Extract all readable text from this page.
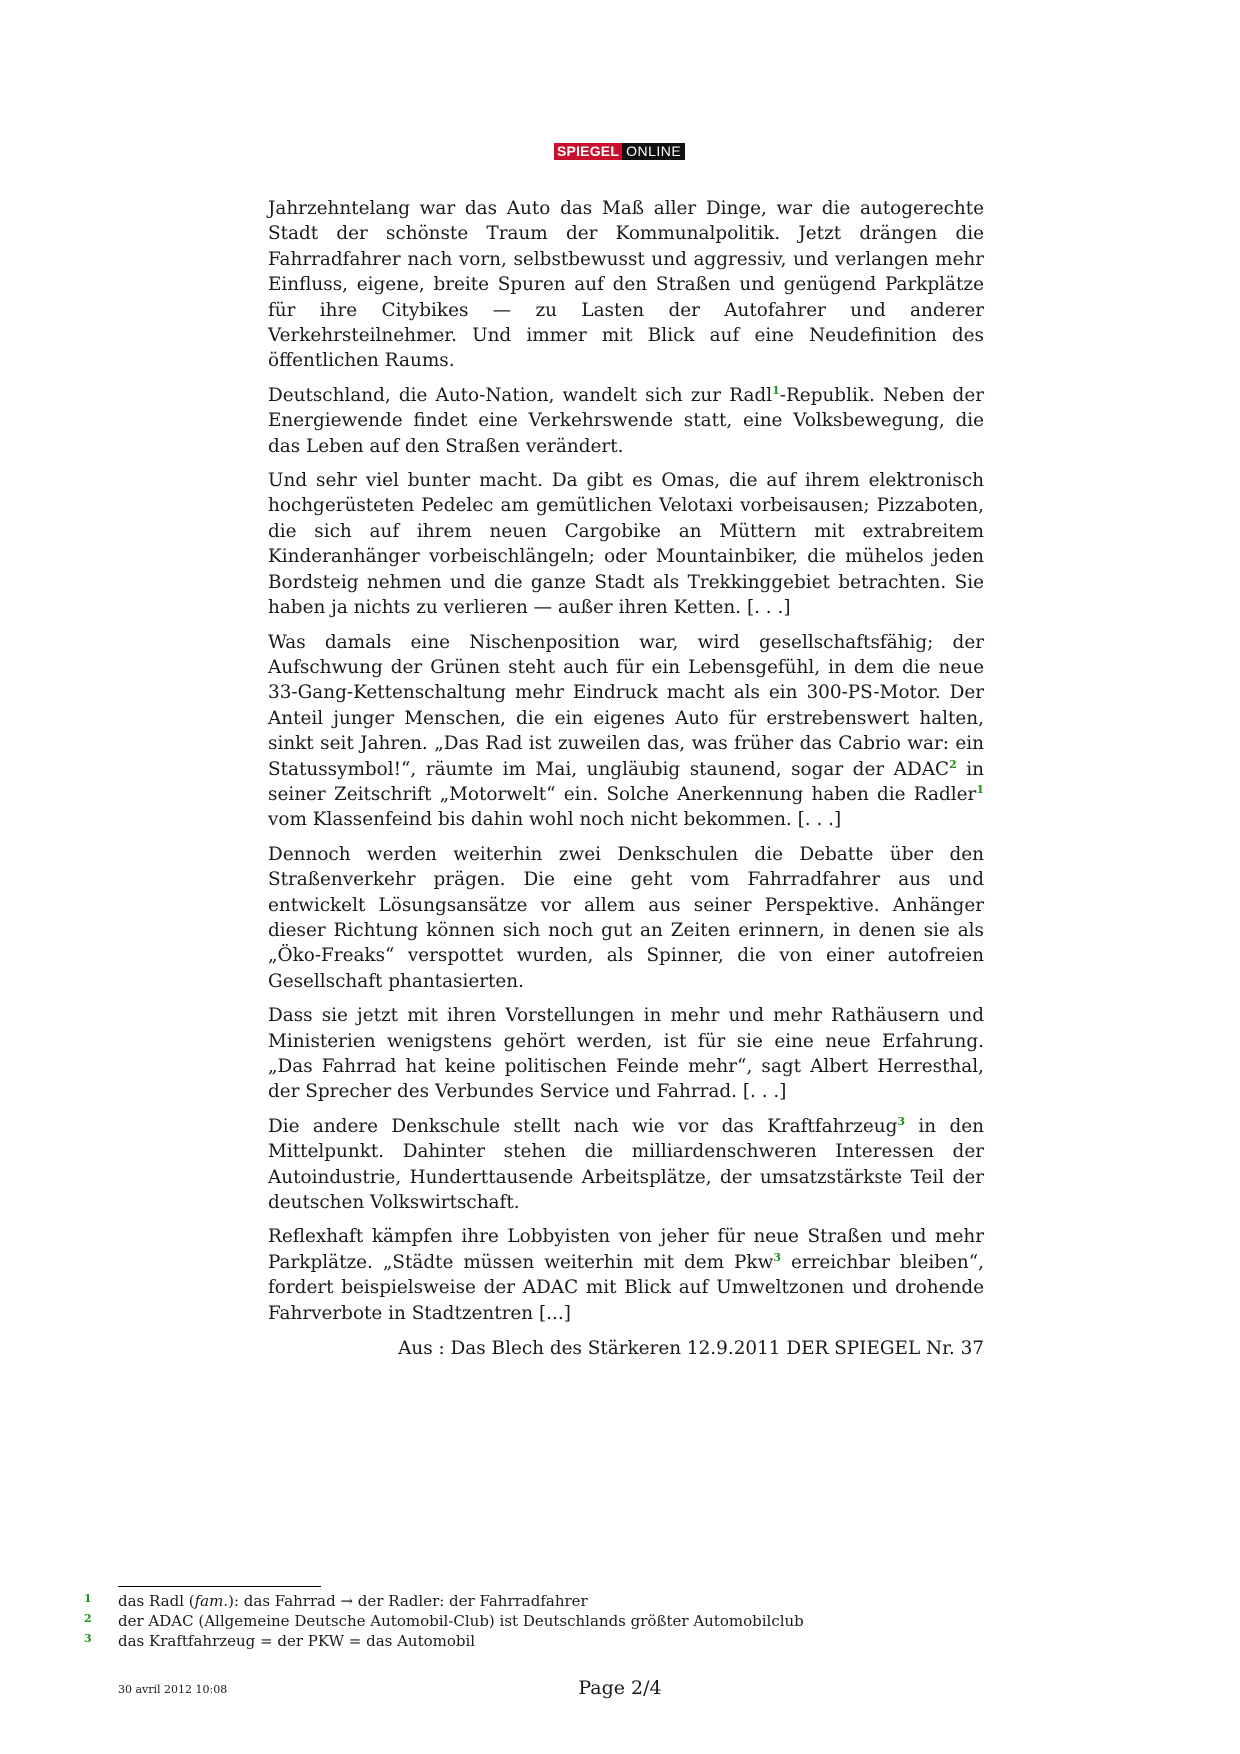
SPIEGEL ONLINE

Jahrzehntelang war das Auto das Maß aller Dinge, war die autogerechte Stadt der schönste Traum der Kommunalpolitik. Jetzt drängen die Fahrradfahrer nach vorn, selbstbewusst und aggressiv, und verlangen mehr Einfluss, eigene, breite Spuren auf den Straßen und genügend Parkplätze für ihre Citybikes — zu Lasten der Autofahrer und anderer Verkehrsteilnehmer. Und immer mit Blick auf eine Neudefinition des öffentlichen Raums.

Deutschland, die Auto-Nation, wandelt sich zur Radl$^1$-Republik. Neben der Energiewende findet eine Verkehrswende statt, eine Volksbewegung, die das Leben auf den Straßen verändert.

Und sehr viel bunter macht. Da gibt es Omas, die auf ihrem elektronisch hochgerüsteten Pedelec am gemütlichen Velotaxi vorbeisausen; Pizzaboten, die sich auf ihrem neuen Cargobike an Müttern mit extrabreitem Kinderanhänger vorbeischlängeln; oder Mountainbiker, die mühelos jeden Bordsteig nehmen und die ganze Stadt als Trekkinggebiet betrachten. Sie haben ja nichts zu verlieren — außer ihren Ketten. [. . .]

Was damals eine Nischenposition war, wird gesellschaftsfähig; der Aufschwung der Grünen steht auch für ein Lebensgefühl, in dem die neue 33-Gang-Kettenschaltung mehr Eindruck macht als ein 300-PS-Motor. Der Anteil junger Menschen, die ein eigenes Auto für erstrebenswert halten, sinkt seit Jahren. „Das Rad ist zuweilen das, was früher das Cabrio war: ein Statussymbol!“, räumte im Mai, ungläubig staunend, sogar der ADAC$^2$ in seiner Zeitschrift „Motorwelt“ ein. Solche Anerkennung haben die Radler$^1$ vom Klassenfeind bis dahin wohl noch nicht bekommen. [. . .]

Dennoch werden weiterhin zwei Denkschulen die Debatte über den Straßenverkehr prägen. Die eine geht vom Fahrradfahrer aus und entwickelt Lösungsansätze vor allem aus seiner Perspektive. Anhänger dieser Richtung können sich noch gut an Zeiten erinnern, in denen sie als „Öko-Freaks“ verspottet wurden, als Spinner, die von einer autofreien Gesellschaft phantasierten.

Dass sie jetzt mit ihren Vorstellungen in mehr und mehr Rathäusern und Ministerien wenigstens gehört werden, ist für sie eine neue Erfahrung. „Das Fahrrad hat keine politischen Feinde mehr“, sagt Albert Herresthal, der Sprecher des Verbundes Service und Fahrrad. [. . .]

Die andere Denkschule stellt nach wie vor das Kraftfahrzeug$^3$ in den Mittelpunkt. Dahinter stehen die milliardenschweren Interessen der Autoindustrie, Hunderttausende Arbeitsplätze, der umsatzstärkste Teil der deutschen Volkswirtschaft.

Reflexhaft kämpfen ihre Lobbyisten von jeher für neue Straßen und mehr Parkplätze. „Städte müssen weiterhin mit dem Pkw$^3$ erreichbar bleiben“, fordert beispielsweise der ADAC mit Blick auf Umweltzonen und drohende Fahrverbote in Stadtzentren [...]

Aus : Das Blech des Stärkeren 12.9.2011 DER SPIEGEL Nr. 37
1	das Radl (fam.): das Fahrrad → der Radler: der Fahrradfahrer
2	der ADAC (Allgemeine Deutsche Automobil-Club) ist Deutschlands größter Automobilclub
3	das Kraftfahrzeug = der PKW = das Automobil
30 avril 2012 10:08	Page 2/4
